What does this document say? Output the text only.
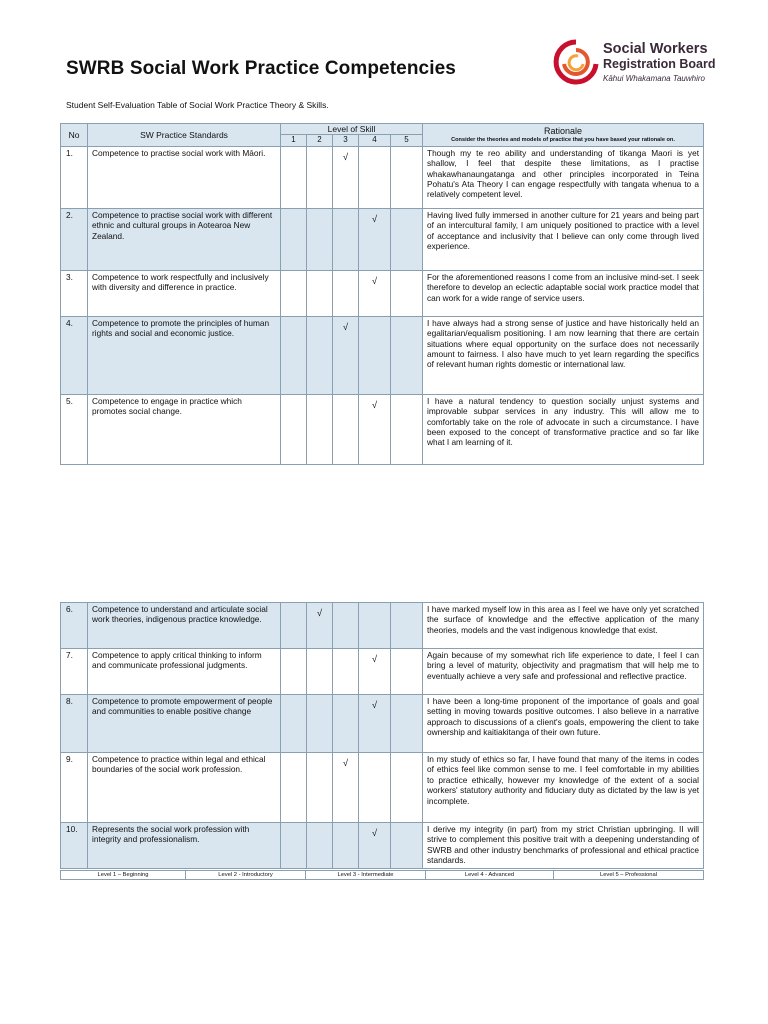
SWRB Social Work Practice Competencies
Social Workers
Registration Board
Kāhui Whakamana Tauwhiro
Student Self-Evaluation Table of Social Work Practice Theory & Skills.
No	SW Practice Standards	Level of Skill					Rationale
Consider the theories and models of practice that you have based your rationale on.

		1	2	3	4	5	
1.	Competence to practise social work with Māori.			√			Though my te reo ability and understanding of tikanga Maori is yet shallow, I feel that despite these limitations, as I practise whakawhanaungatanga and other principles incorporated in Teina Pohatu's Ata Theory I can engage respectfully with tangata whenua to a relatively competent level.
2.	Competence to practise social work with different ethnic and cultural groups in Aotearoa New Zealand.				√		Having lived fully immersed in another culture for 21 years and being part of an intercultural family, I am uniquely positioned to practice with a level of acceptance and inclusivity that I believe can only come through lived experience.
3.	Competence to work respectfully and inclusively with diversity and difference in practice.				√		For the aforementioned reasons I come from an inclusive mind-set. I seek therefore to develop an eclectic adaptable social work practice model that can work for a wide range of service users.
4.	Competence to promote the principles of human rights and social and economic justice.			√			I have always had a strong sense of justice and have historically held an egalitarian/equalism positioning. I am now learning that there are certain situations where equal opportunity on the surface does not necessarily amount to fairness. I also have much to yet learn regarding the specifics of relevant human rights domestic or international law.
5.	Competence to engage in practice which promotes social change.				√		I have a natural tendency to question socially unjust systems and improvable subpar services in any industry. This will allow me to comfortably take on the role of advocate in such a circumstance. I have been exposed to the concept of transformative practice and so far like what I am learning of it.
6.	Competence to understand and articulate social work theories, indigenous practice knowledge.		√				I have marked myself low in this area as I feel we have only yet scratched the surface of knowledge and the effective application of the many theories, models and the vast indigenous knowledge that exist.
7.	Competence to apply critical thinking to inform and communicate professional judgments.				√		Again because of my somewhat rich life experience to date, I feel I can bring a level of maturity, objectivity and pragmatism that will help me to eventually achieve a very safe and professional and reflective practice.
8.	Competence to promote empowerment of people and communities to enable positive change				√		I have been a long-time proponent of the importance of goals and goal setting in moving towards positive outcomes. I also believe in a narrative approach to discussions of a client's goals, empowering the client to take ownership and kaitiakitanga of their own future.
9.	Competence to practice within legal and ethical boundaries of the social work profession.			√			In my study of ethics so far, I have found that many of the items in codes of ethics feel like common sense to me. I feel comfortable in my abilities to practice ethically, however my knowledge of the extent of a social workers' statutory authority and fiduciary duty as dictated by the law is yet incomplete.
10.	Represents the social work profession with integrity and professionalism.				√		I derive my integrity (in part) from my strict Christian upbringing. II will strive to complement this positive trait with a deepening understanding of SWRB and other industry benchmarks of professional and ethical practice standards.
Level 1 – Beginning	Level 2 - Introductory	Level 3 - Intermediate	Level 4 - Advanced	Level 5 – Professional
